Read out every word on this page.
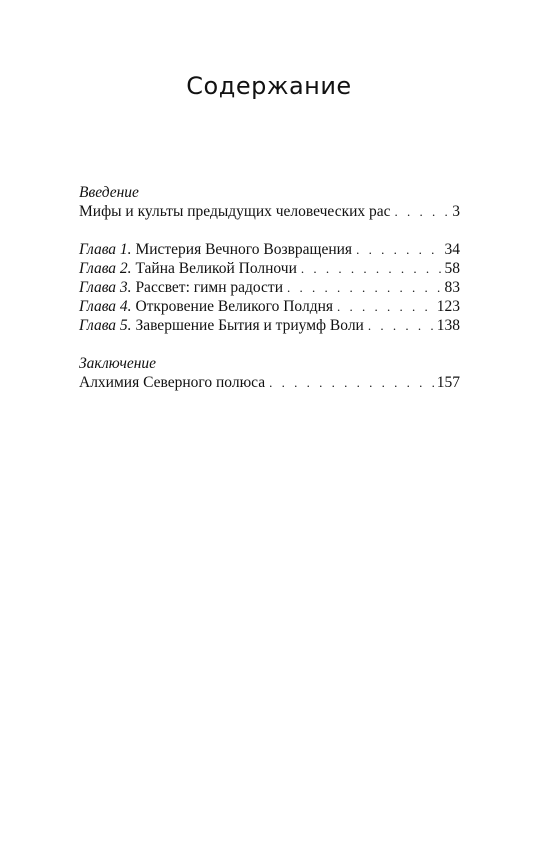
Содержание
Введение
Мифы и культы предыдущих человеческих рас . . .	3
Глава 1. Мистерия Вечного Возвращения . . .	34
Глава 2. Тайна Великой Полночи . . .	58
Глава 3. Рассвет: гимн радости . . .	83
Глава 4. Откровение Великого Полдня . . .	123
Глава 5. Завершение Бытия и триумф Воли . . .	138
Заключение
Алхимия Северного полюса . . .	157
